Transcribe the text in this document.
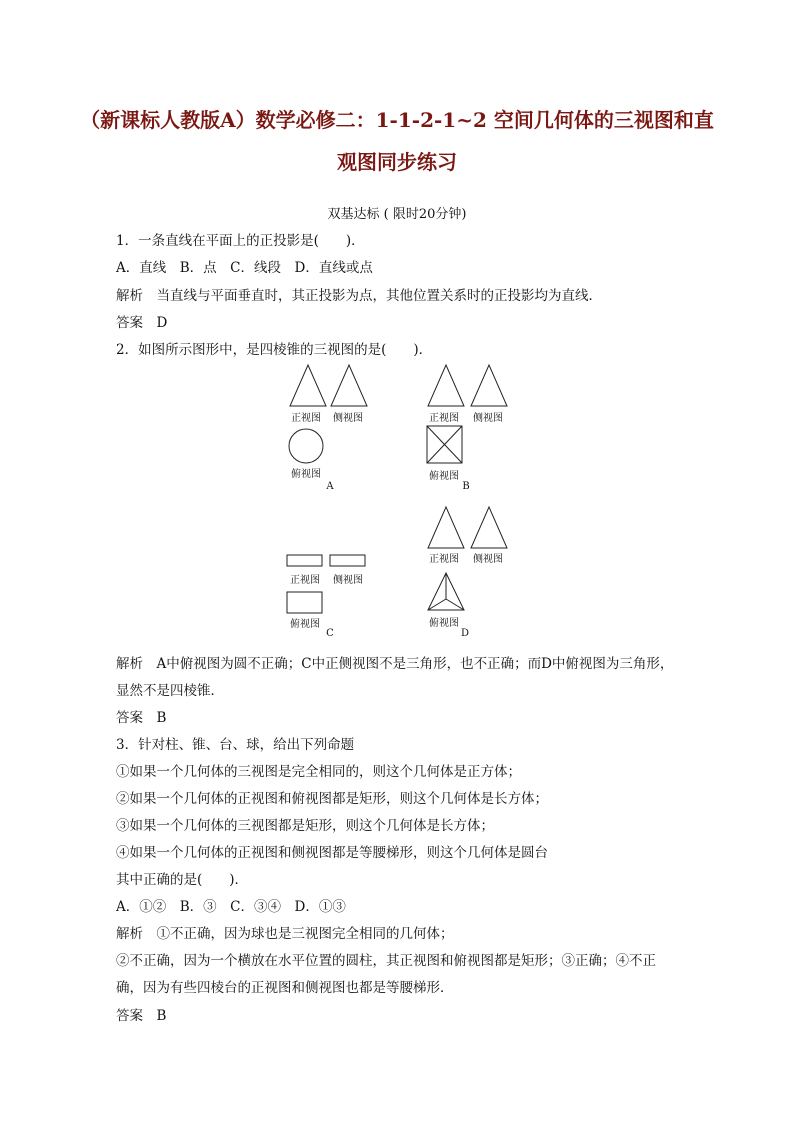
（新课标人教版A）数学必修二：1-1-2-1~2 空间几何体的三视图和直
观图同步练习
双基达标 ( 限时20分钟)
1．一条直线在平面上的正投影是(　　)．
A．直线　B．点　C．线段　D．直线或点
解析　当直线与平面垂直时，其正投影为点，其他位置关系时的正投影均为直线．
答案　D
2．如图所示图形中，是四棱锥的三视图的是(　　)．
正视图	侧视图
俯视图
A
正视图	侧视图
俯视图
B
正视图	侧视图
俯视图
C
正视图	侧视图
俯视图
D
解析　A中俯视图为圆不正确；C中正侧视图不是三角形，也不正确；而D中俯视图为三角形，
显然不是四棱锥．
答案　B
3．针对柱、锥、台、球，给出下列命题
①如果一个几何体的三视图是完全相同的，则这个几何体是正方体；
②如果一个几何体的正视图和俯视图都是矩形，则这个几何体是长方体；
③如果一个几何体的三视图都是矩形，则这个几何体是长方体；
④如果一个几何体的正视图和侧视图都是等腰梯形，则这个几何体是圆台
其中正确的是(　　)．
A．①②　B．③　C．③④　D．①③
解析　①不正确，因为球也是三视图完全相同的几何体；
②不正确，因为一个横放在水平位置的圆柱，其正视图和俯视图都是矩形；③正确；④不正
确，因为有些四棱台的正视图和侧视图也都是等腰梯形．
答案　B
